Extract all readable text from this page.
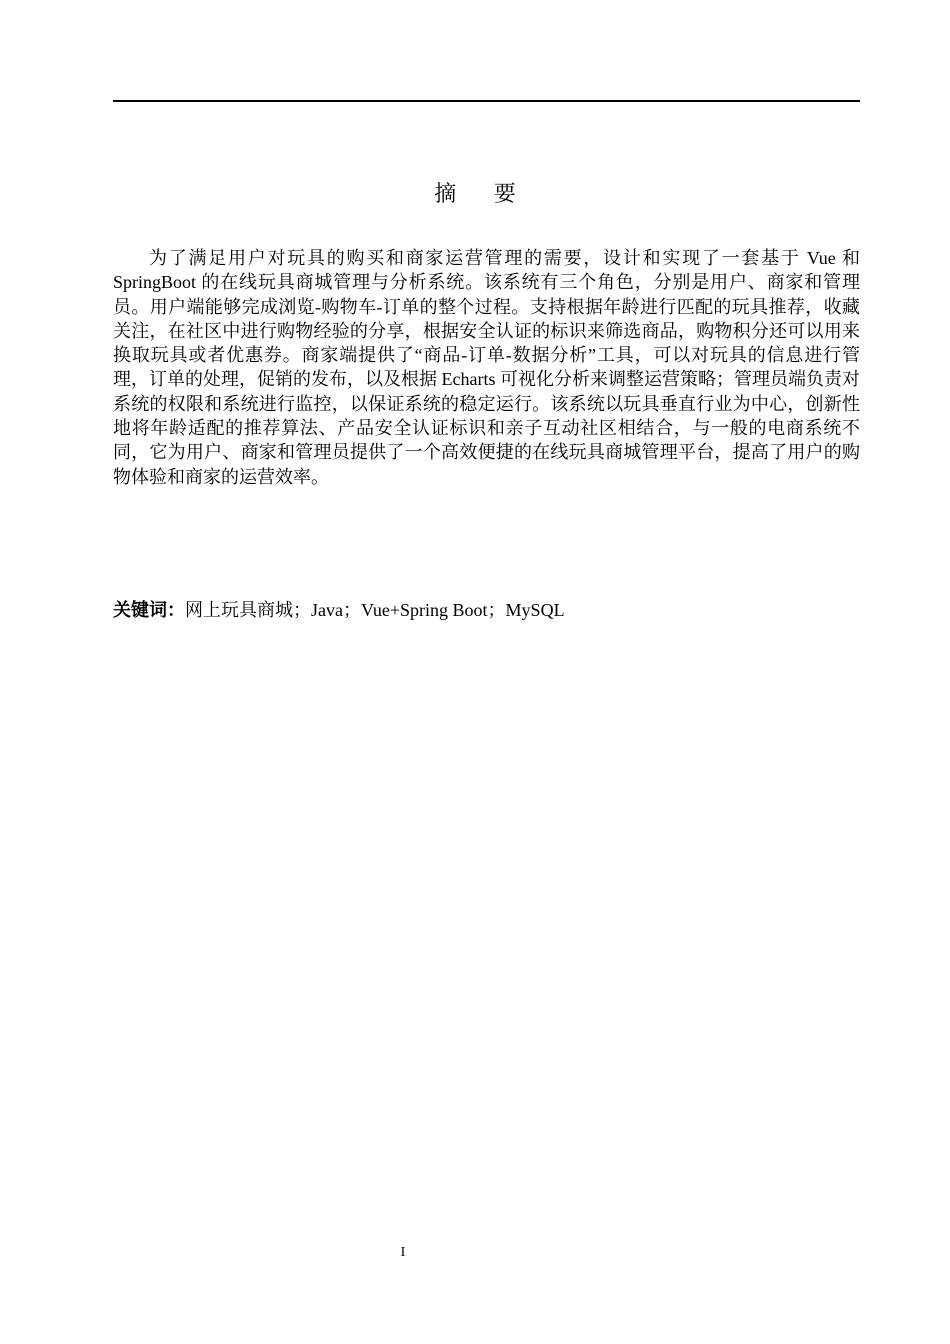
摘 要

为了满足用户对玩具的购买和商家运营管理的需要，设计和实现了一套基于 Vue 和 SpringBoot 的在线玩具商城管理与分析系统。该系统有三个角色，分别是用户、商家和管理员。用户端能够完成浏览-购物车-订单的整个过程。支持根据年龄进行匹配的玩具推荐，收藏关注，在社区中进行购物经验的分享，根据安全认证的标识来筛选商品，购物积分还可以用来换取玩具或者优惠券。商家端提供了“商品-订单-数据分析”工具，可以对玩具的信息进行管理，订单的处理，促销的发布，以及根据 Echarts 可视化分析来调整运营策略；管理员端负责对系统的权限和系统进行监控，以保证系统的稳定运行。该系统以玩具垂直行业为中心，创新性地将年龄适配的推荐算法、产品安全认证标识和亲子互动社区相结合，与一般的电商系统不同，它为用户、商家和管理员提供了一个高效便捷的在线玩具商城管理平台，提高了用户的购物体验和商家的运营效率。

关键词：网上玩具商城；Java；Vue+Spring Boot；MySQL

I
